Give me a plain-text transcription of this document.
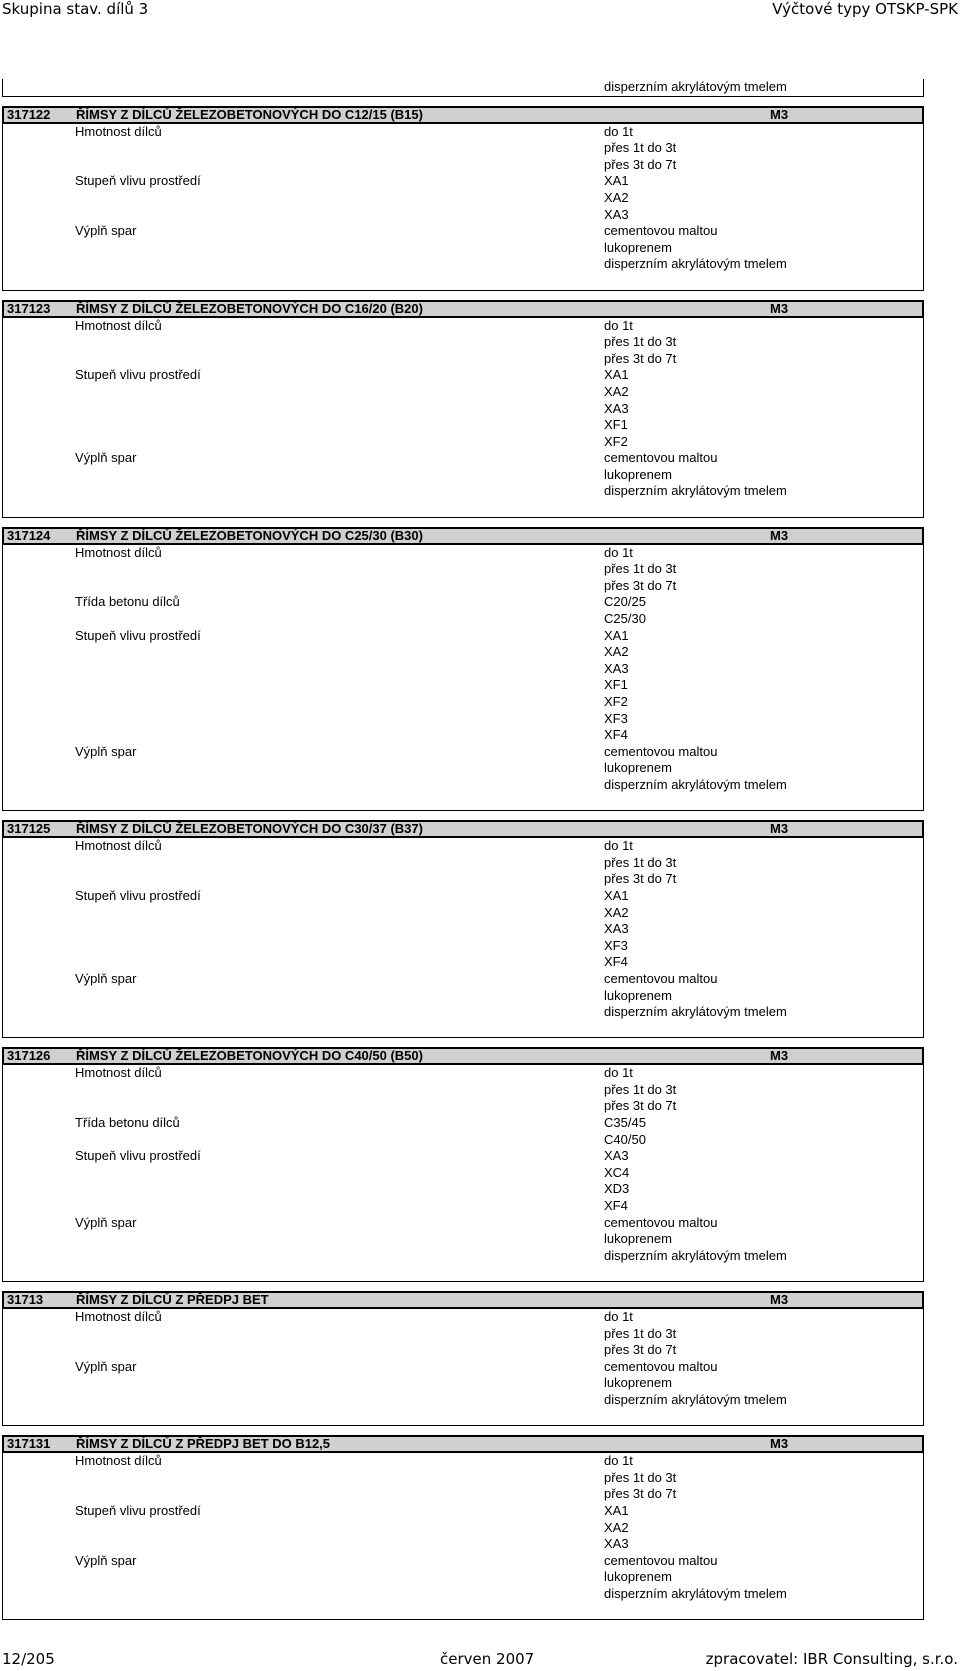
Skupina stav. dílů 3	Výčtové typy OTSKP-SPK
disperzním akrylátovým tmelem
317122 ŘÍMSY Z DÍLCŮ ŽELEZOBETONOVÝCH DO C12/15 (B15)	M3
Hmotnost dílců	do 1t
přes 1t do 3t
přes 3t do 7t
Stupeň vlivu prostředí	XA1
XA2
XA3
Výplň spar	cementovou maltou
lukoprenem
disperzním akrylátovým tmelem
317123 ŘÍMSY Z DÍLCŮ ŽELEZOBETONOVÝCH DO C16/20 (B20)	M3
Hmotnost dílců	do 1t
přes 1t do 3t
přes 3t do 7t
Stupeň vlivu prostředí	XA1
XA2
XA3
XF1
XF2
Výplň spar	cementovou maltou
lukoprenem
disperzním akrylátovým tmelem
317124 ŘÍMSY Z DÍLCŮ ŽELEZOBETONOVÝCH DO C25/30 (B30)	M3
Hmotnost dílců	do 1t
přes 1t do 3t
přes 3t do 7t
Třída betonu dílců	C20/25
C25/30
Stupeň vlivu prostředí	XA1
XA2
XA3
XF1
XF2
XF3
XF4
Výplň spar	cementovou maltou
lukoprenem
disperzním akrylátovým tmelem
317125 ŘÍMSY Z DÍLCŮ ŽELEZOBETONOVÝCH DO C30/37 (B37)	M3
Hmotnost dílců	do 1t
přes 1t do 3t
přes 3t do 7t
Stupeň vlivu prostředí	XA1
XA2
XA3
XF3
XF4
Výplň spar	cementovou maltou
lukoprenem
disperzním akrylátovým tmelem
317126 ŘÍMSY Z DÍLCŮ ŽELEZOBETONOVÝCH DO C40/50 (B50)	M3
Hmotnost dílců	do 1t
přes 1t do 3t
přes 3t do 7t
Třída betonu dílců	C35/45
C40/50
Stupeň vlivu prostředí	XA3
XC4
XD3
XF4
Výplň spar	cementovou maltou
lukoprenem
disperzním akrylátovým tmelem
31713	ŘÍMSY Z DÍLCŮ Z PŘEDPJ BET	M3
Hmotnost dílců	do 1t
přes 1t do 3t
přes 3t do 7t
Výplň spar	cementovou maltou
lukoprenem
disperzním akrylátovým tmelem
317131 ŘÍMSY Z DÍLCŮ Z PŘEDPJ BET DO B12,5	M3
Hmotnost dílců	do 1t
přes 1t do 3t
přes 3t do 7t
Stupeň vlivu prostředí	XA1
XA2
XA3
Výplň spar	cementovou maltou
lukoprenem
disperzním akrylátovým tmelem
12/205	červen 2007	zpracovatel: IBR Consulting, s.r.o.
